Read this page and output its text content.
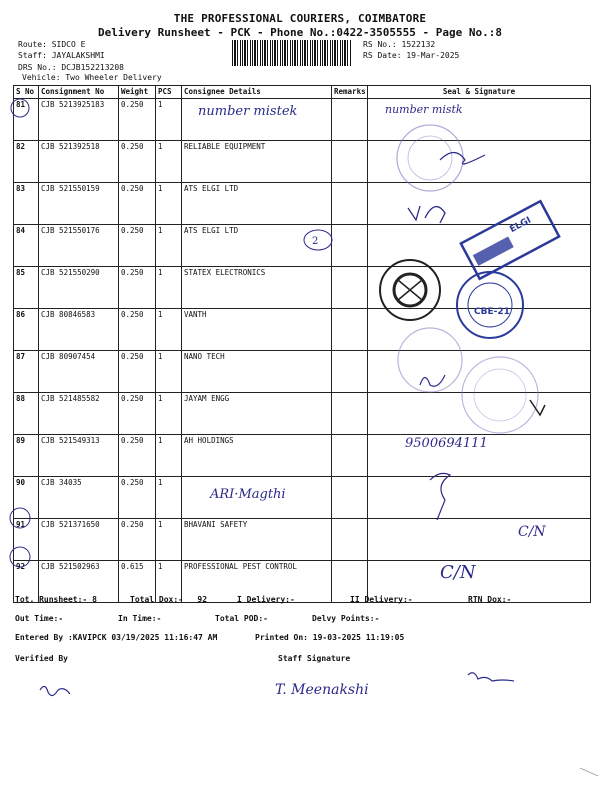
THE PROFESSIONAL COURIERS, COIMBATORE
Delivery Runsheet - PCK - Phone No.:0422-3505555 - Page No.:8
Route: SIDCO E
Staff: JAYALAKSHMI
DRS No.: DCJB152213208
Vehicle: Two Wheeler Delivery
RS No.: 1522132
RS Date: 19-Mar-2025
S No	Consignment No	Weight	PCS	Consignee Details	Remarks	Seal & Signature
81	CJB 5213925183	0.250	1			
82	CJB 521392518	0.250	1	RELIABLE EQUIPMENT		
83	CJB 521550159	0.250	1	ATS ELGI LTD		
84	CJB 521550176	0.250	1	ATS ELGI LTD		
85	CJB 521550290	0.250	1	STATEX ELECTRONICS		
86	CJB 80846583	0.250	1	VANTH		
87	CJB 80907454	0.250	1	NANO TECH		
88	CJB 521485582	0.250	1	JAYAM ENGG		
89	CJB 521549313	0.250	1	AH HOLDINGS		
90	CJB 34035	0.250	1			
91	CJB 521371650	0.250	1	BHAVANI SAFETY		
92	CJB 521502963	0.615	1	PROFESSIONAL PEST CONTROL		
2
ELGI
CBE-21
number mistek	number mistk
9500694111
ARI·Magthi
C/N
C/N
T. Meenakshi
Tot. Runsheet:- 8	Total Dox:-   92	I Delivery:-	II Delivery:-	RTN Dox:-
Out Time:-	In Time:-	Total POD:-	Delvy Points:-
Entered By :KAVIPCK 03/19/2025 11:16:47 AM	Printed On: 19-03-2025 11:19:05
Verified By	Staff Signature
